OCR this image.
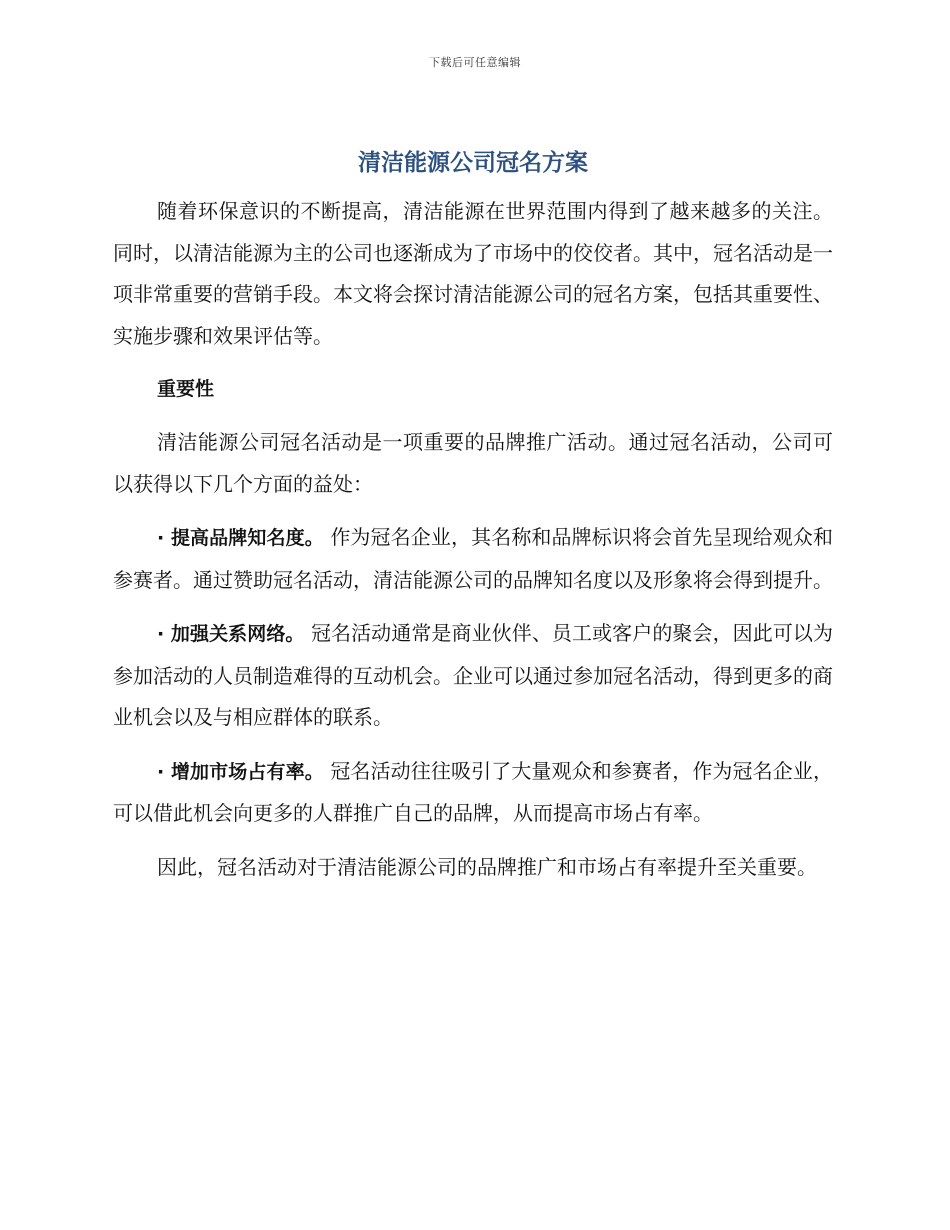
下载后可任意编辑
清洁能源公司冠名方案

随着环保意识的不断提高，清洁能源在世界范围内得到了越来越多的关注。同时，以清洁能源为主的公司也逐渐成为了市场中的佼佼者。其中，冠名活动是一项非常重要的营销手段。本文将会探讨清洁能源公司的冠名方案，包括其重要性、实施步骤和效果评估等。

重要性

清洁能源公司冠名活动是一项重要的品牌推广活动。通过冠名活动，公司可以获得以下几个方面的益处：

· 提高品牌知名度。 作为冠名企业，其名称和品牌标识将会首先呈现给观众和参赛者。通过赞助冠名活动，清洁能源公司的品牌知名度以及形象将会得到提升。

· 加强关系网络。 冠名活动通常是商业伙伴、员工或客户的聚会，因此可以为参加活动的人员制造难得的互动机会。企业可以通过参加冠名活动，得到更多的商业机会以及与相应群体的联系。

· 增加市场占有率。 冠名活动往往吸引了大量观众和参赛者，作为冠名企业，可以借此机会向更多的人群推广自己的品牌，从而提高市场占有率。

因此，冠名活动对于清洁能源公司的品牌推广和市场占有率提升至关重要。
